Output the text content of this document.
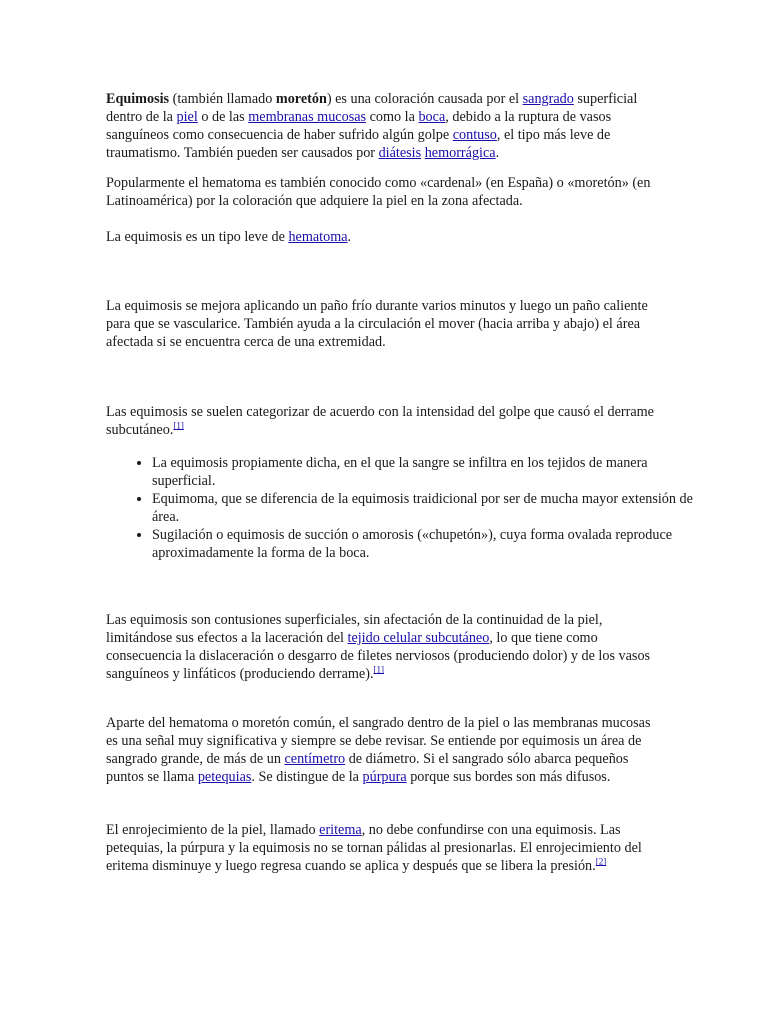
Equimosis (también llamado moretón) es una coloración causada por el sangrado superficial dentro de la piel o de las membranas mucosas como la boca, debido a la ruptura de vasos sanguíneos como consecuencia de haber sufrido algún golpe contuso, el tipo más leve de traumatismo. También pueden ser causados por diátesis hemorrágica.

Popularmente el hematoma es también conocido como «cardenal» (en España) o «moretón» (en Latinoamérica) por la coloración que adquiere la piel en la zona afectada.

La equimosis es un tipo leve de hematoma.

La equimosis se mejora aplicando un paño frío durante varios minutos y luego un paño caliente para que se vascularice. También ayuda a la circulación el mover (hacia arriba y abajo) el área afectada si se encuentra cerca de una extremidad.

Las equimosis se suelen categorizar de acuerdo con la intensidad del golpe que causó el derrame subcutáneo.[1]

• La equimosis propiamente dicha, en el que la sangre se infiltra en los tejidos de manera superficial.
• Equimoma, que se diferencia de la equimosis traidicional por ser de mucha mayor extensión de área.
• Sugilación o equimosis de succión o amorosis («chupetón»), cuya forma ovalada reproduce aproximadamente la forma de la boca.

Las equimosis son contusiones superficiales, sin afectación de la continuidad de la piel, limitándose sus efectos a la laceración del tejido celular subcutáneo, lo que tiene como consecuencia la dislaceración o desgarro de filetes nerviosos (produciendo dolor) y de los vasos sanguíneos y linfáticos (produciendo derrame).[1]

Aparte del hematoma o moretón común, el sangrado dentro de la piel o las membranas mucosas es una señal muy significativa y siempre se debe revisar. Se entiende por equimosis un área de sangrado grande, de más de un centímetro de diámetro. Si el sangrado sólo abarca pequeños puntos se llama petequias. Se distingue de la púrpura porque sus bordes son más difusos.

El enrojecimiento de la piel, llamado eritema, no debe confundirse con una equimosis. Las petequias, la púrpura y la equimosis no se tornan pálidas al presionarlas. El enrojecimiento del eritema disminuye y luego regresa cuando se aplica y después que se libera la presión.[2]
